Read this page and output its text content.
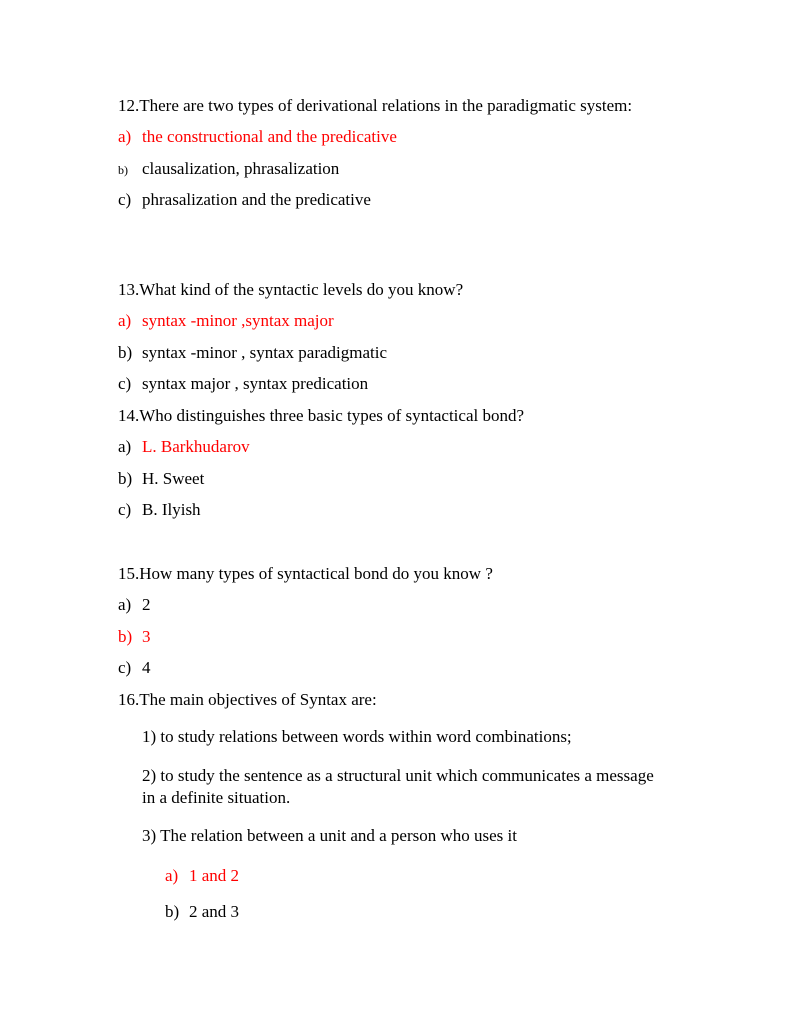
12.There are two types of derivational relations in the paradigmatic system:
a) the constructional and the predicative
b) clausalization, phrasalization
c) phrasalization and the predicative
13.What kind of the syntactic levels do you know?
a) syntax -minor ,syntax major
b) syntax -minor , syntax paradigmatic
c) syntax major , syntax predication
14.Who distinguishes three basic types of syntactical bond?
a) L. Barkhudarov
b) H. Sweet
c) B. Ilyish
15.How many types of syntactical bond do you know ?
a) 2
b) 3
c) 4
16.The main objectives of Syntax are:
1) to study relations between words within word combinations;
2) to study the sentence as a structural unit which communicates a message in a definite situation.
3) The relation between a unit and a person who uses it
a) 1 and 2
b) 2 and 3
